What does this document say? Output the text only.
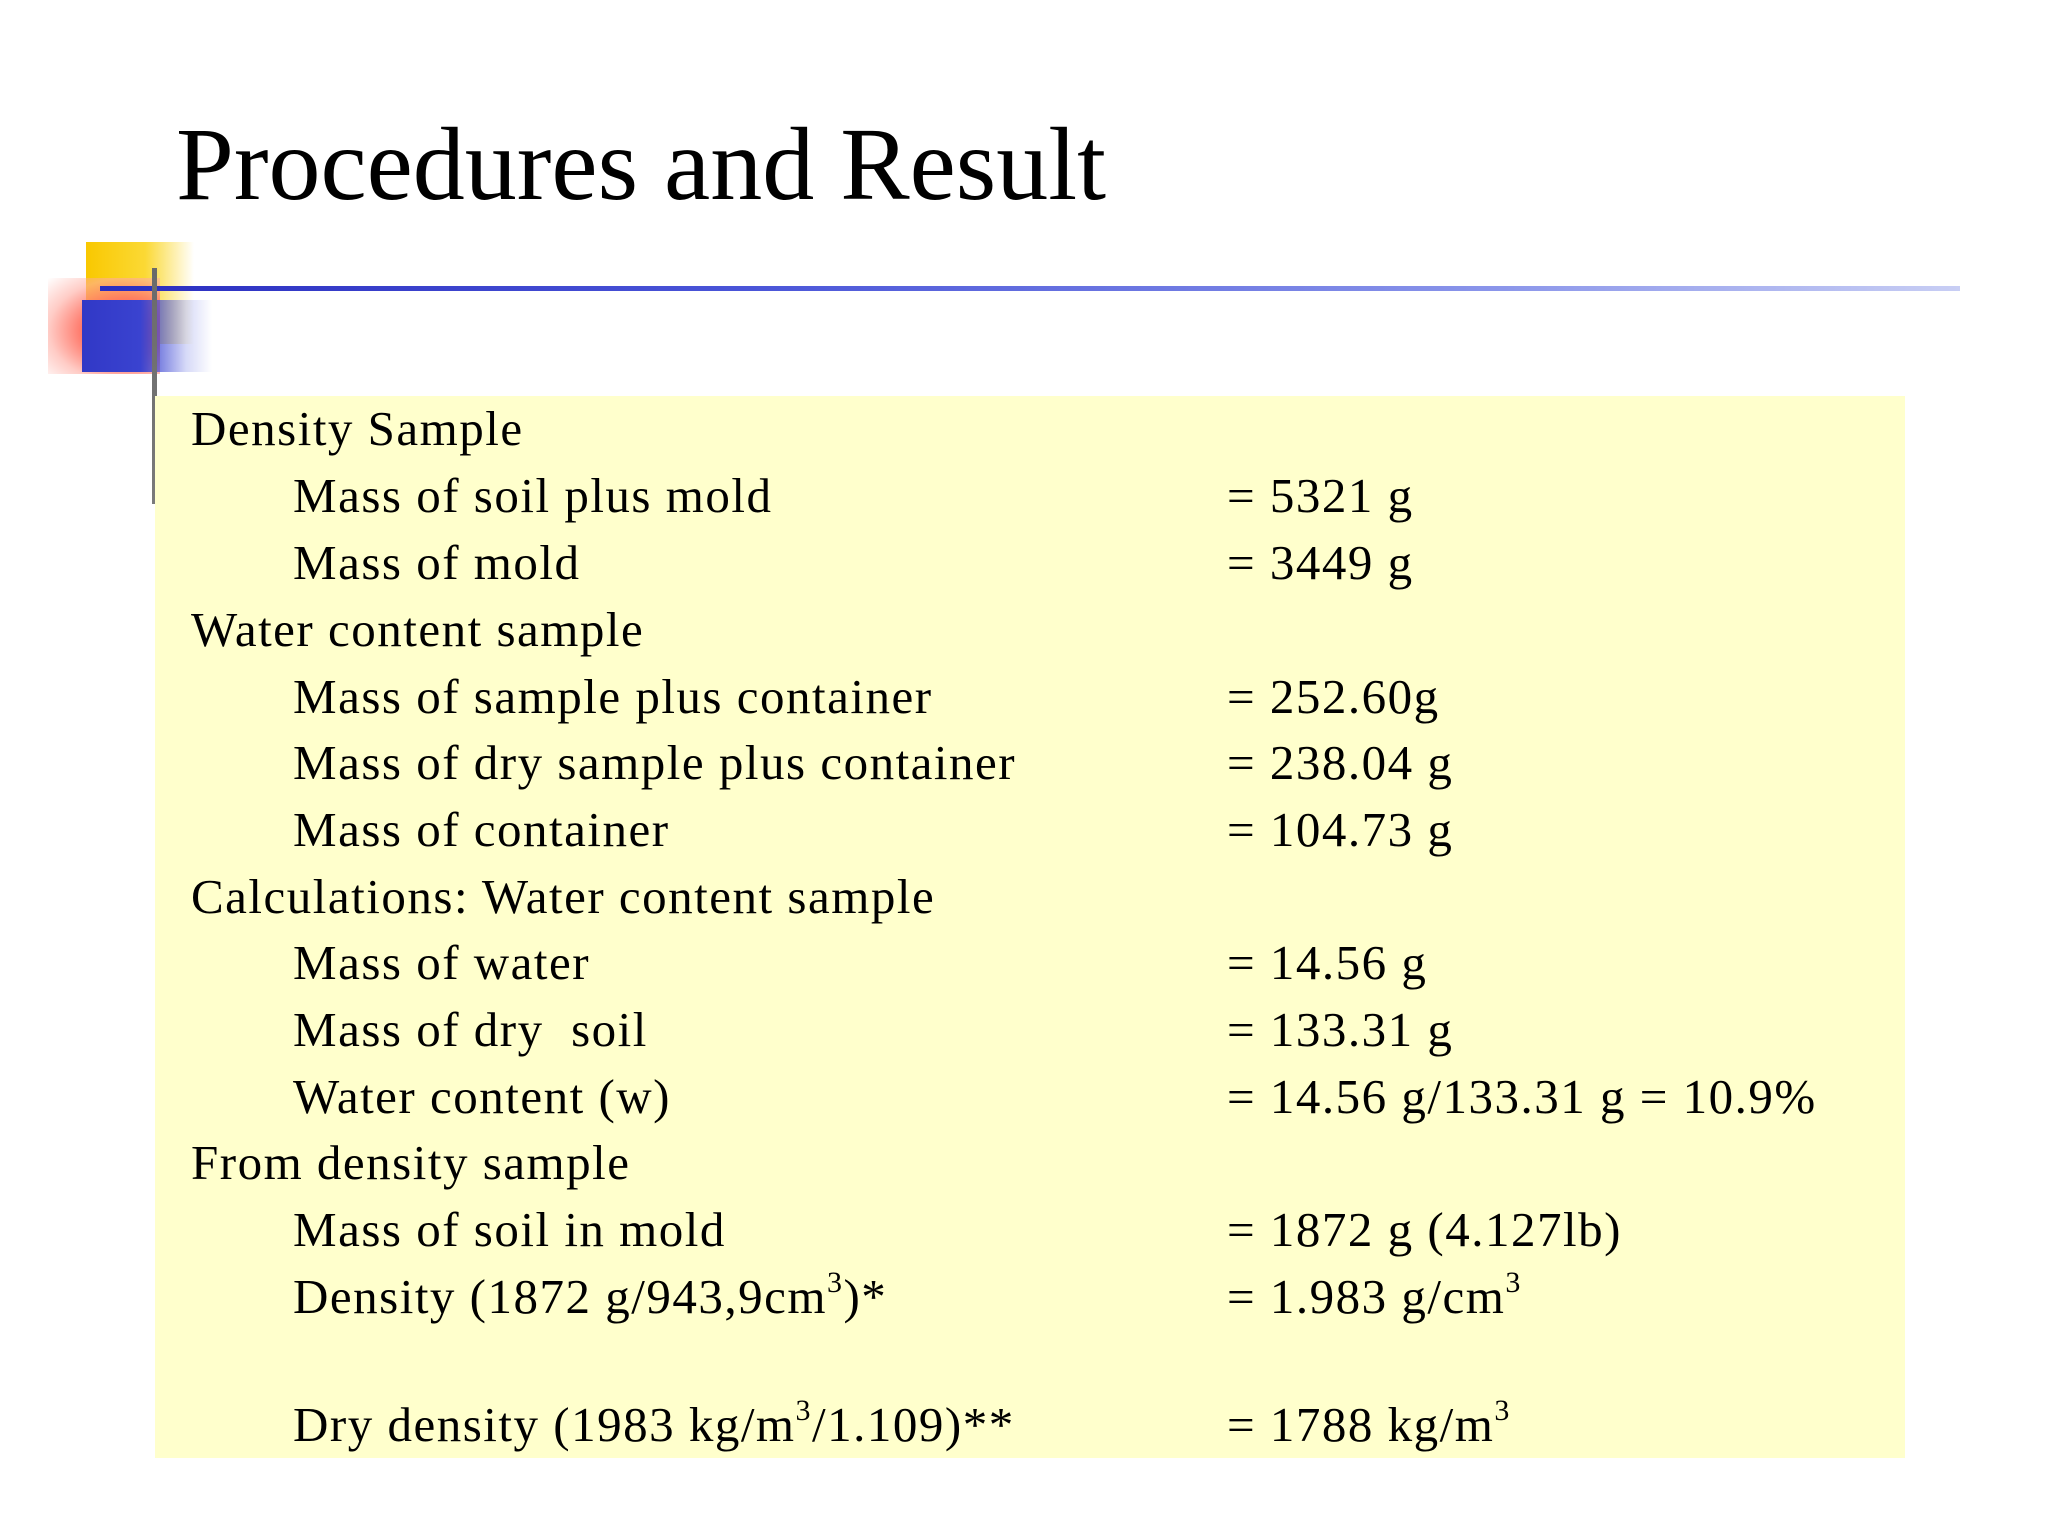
Procedures and Result
Density Sample
Mass of soil plus mold	= 5321 g
Mass of mold	= 3449 g
Water content sample
Mass of sample plus container	= 252.60g
Mass of dry sample plus container	= 238.04 g
Mass of container	= 104.73 g
Calculations: Water content sample
Mass of water	= 14.56 g
Mass of dry  soil	= 133.31 g
Water content (w)	= 14.56 g/133.31 g = 10.9%
From density sample
Mass of soil in mold	= 1872 g (4.127lb)
Density (1872 $g/943,9cm^3)*$	= 1.983 $g/cm^3$
Dry density (1983 $kg/m^3/1.109)**$	= 1788 $kg/m^3$
